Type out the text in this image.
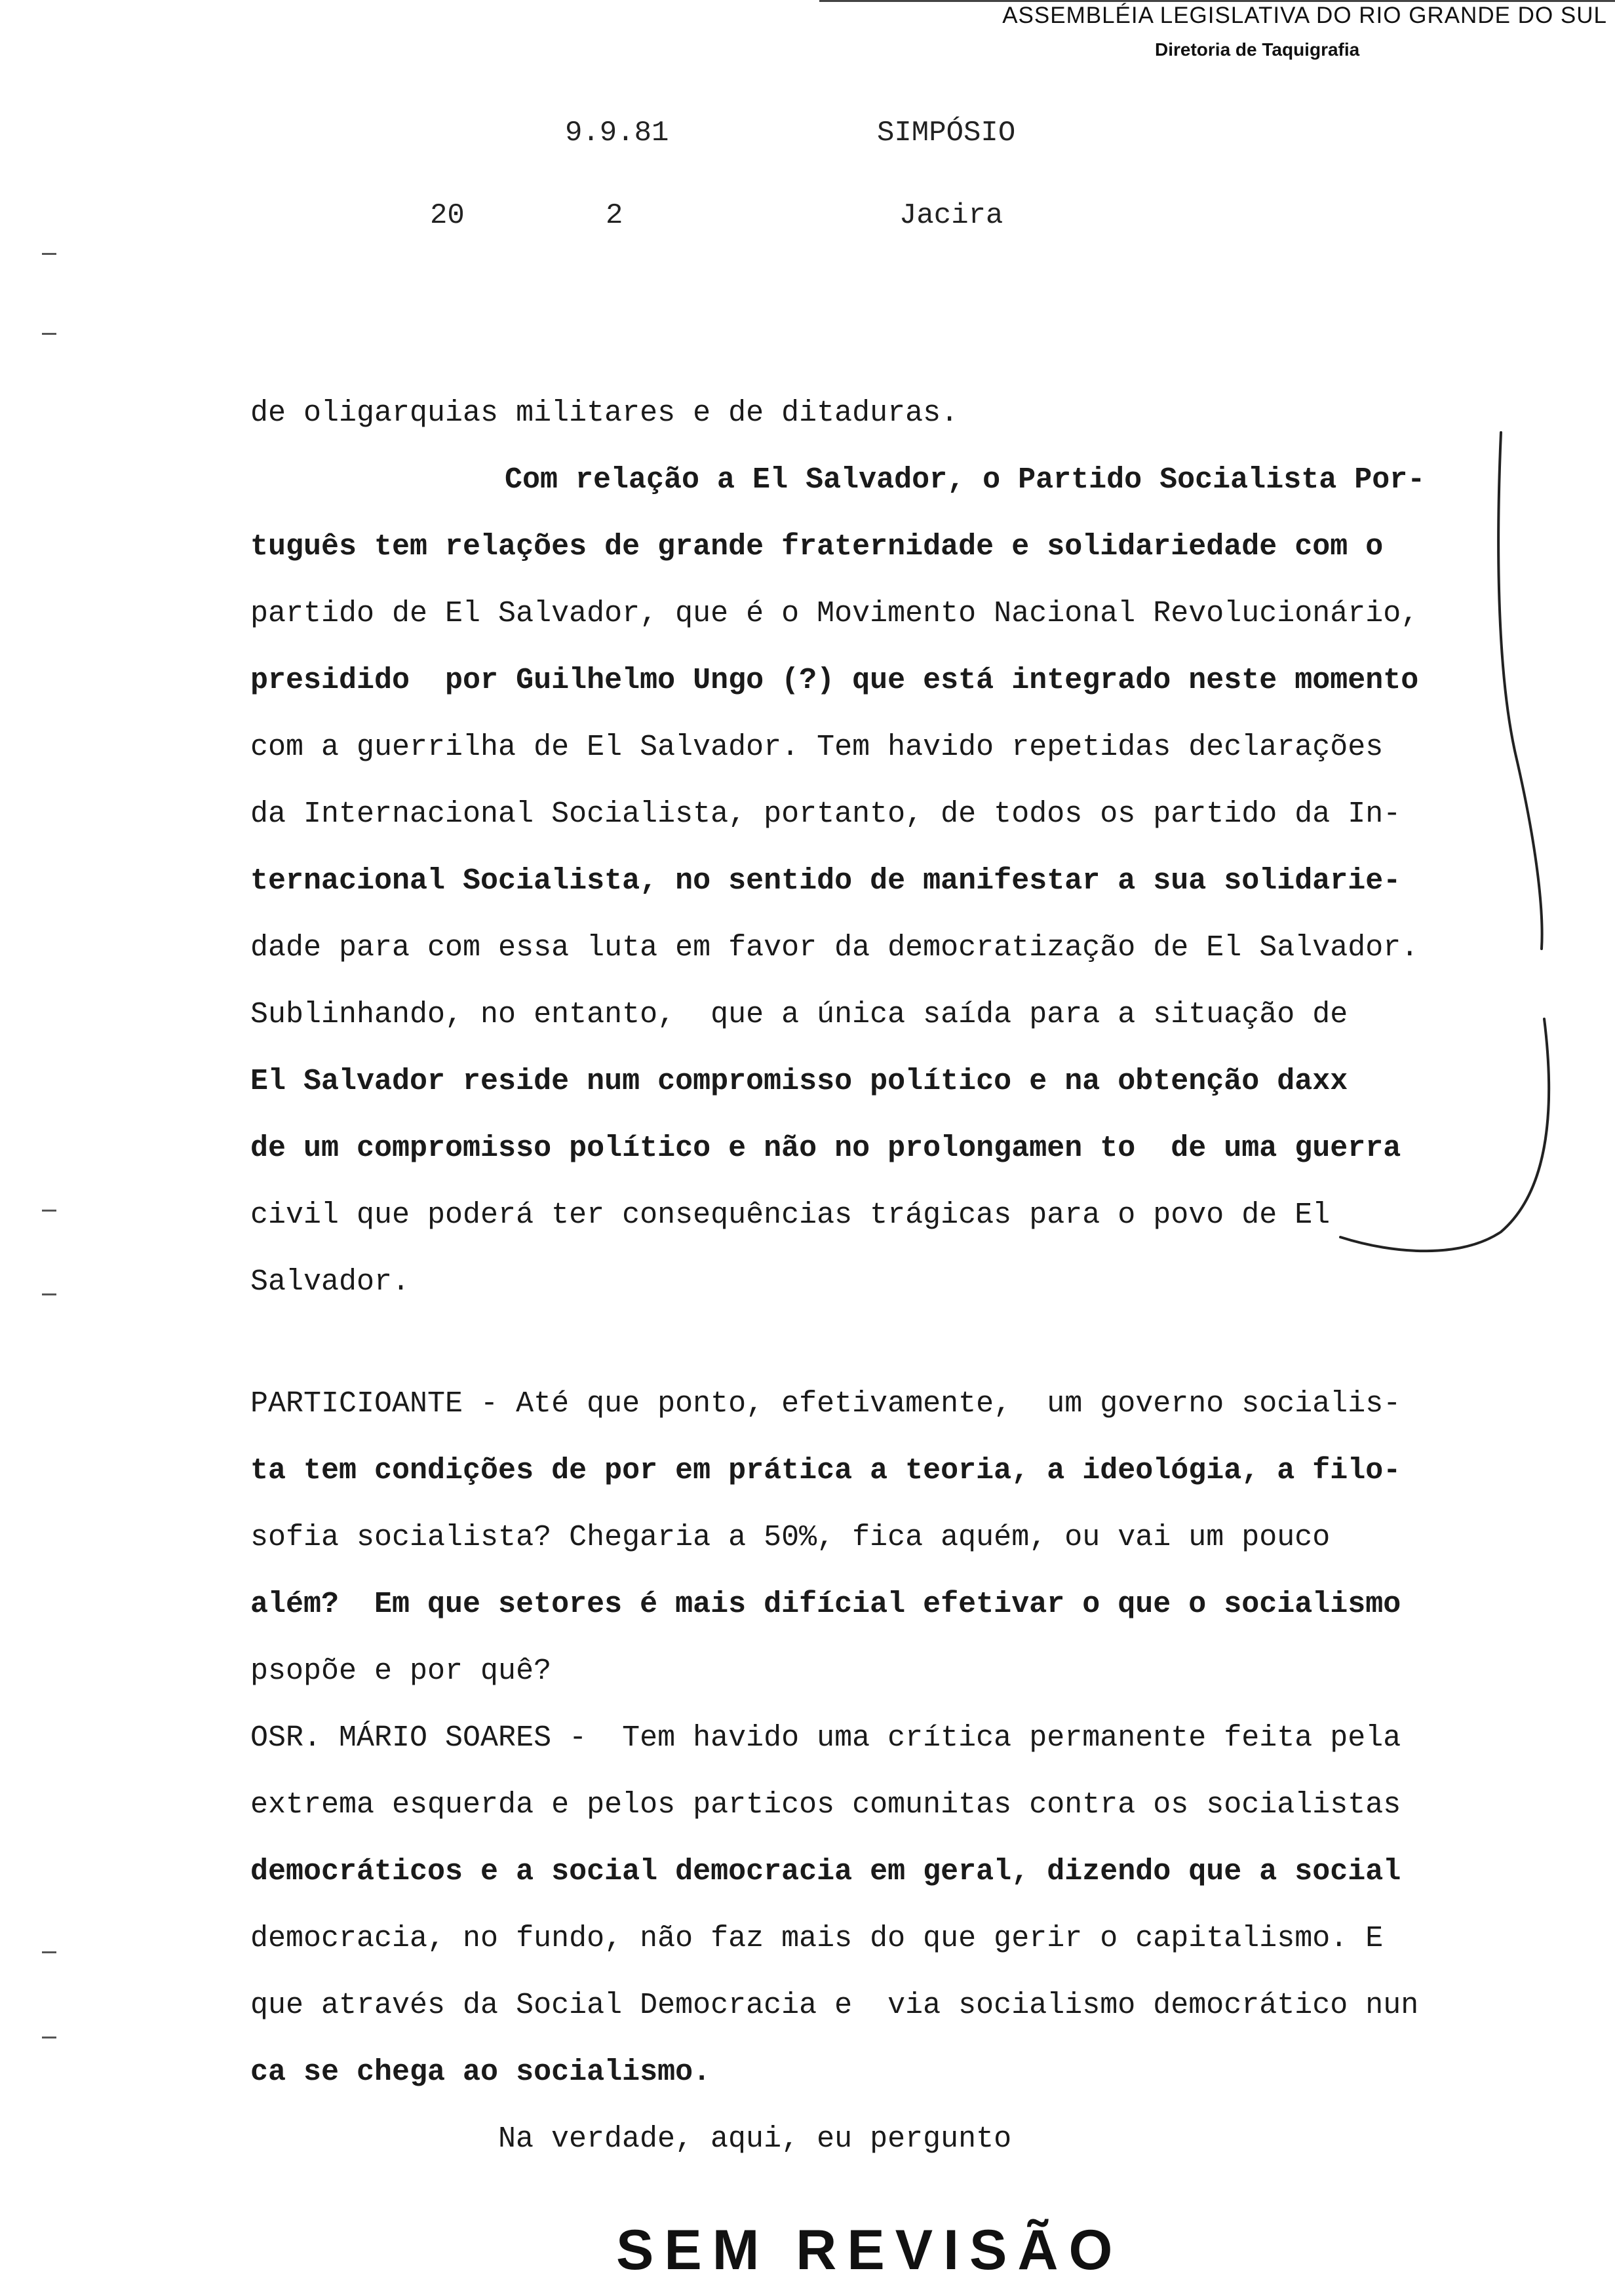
ASSEMBLÉIA LEGISLATIVA DO RIO GRANDE DO SUL
Diretoria de Taquigrafia
9.9.81	SIMPÓSIO
20	2	Jacira
de oligarquias militares e de ditaduras.
Com relação a El Salvador, o Partido Socialista Por-
tuguês tem relações de grande fraternidade e solidariedade com o
partido de El Salvador, que é o Movimento Nacional Revolucionário,
presidido  por Guilhelmo Ungo (?) que está integrado neste momento
com a guerrilha de El Salvador. Tem havido repetidas declarações
da Internacional Socialista, portanto, de todos os partido da In-
ternacional Socialista, no sentido de manifestar a sua solidarie-
dade para com essa luta em favor da democratização de El Salvador.
Sublinhando, no entanto,  que a única saída para a situação de
El Salvador reside num compromisso político e na obtenção daxx
de um compromisso político e não no prolongamen to  de uma guerra
civil que poderá ter consequências trágicas para o povo de El
Salvador.
PARTICIOANTE - Até que ponto, efetivamente,  um governo socialis-
ta tem condições de por em prática a teoria, a ideológia, a filo-
sofia socialista? Chegaria a 50%, fica aquém, ou vai um pouco
além?  Em que setores é mais difícial efetivar o que o socialismo
psopõe e por quê?
OSR. MÁRIO SOARES -  Tem havido uma crítica permanente feita pela
extrema esquerda e pelos particos comunitas contra os socialistas
democráticos e a social democracia em geral, dizendo que a social
democracia, no fundo, não faz mais do que gerir o capitalismo. E
que através da Social Democracia e  via socialismo democrático nun
ca se chega ao socialismo.
Na verdade, aqui, eu pergunto
SEM REVISÃO
